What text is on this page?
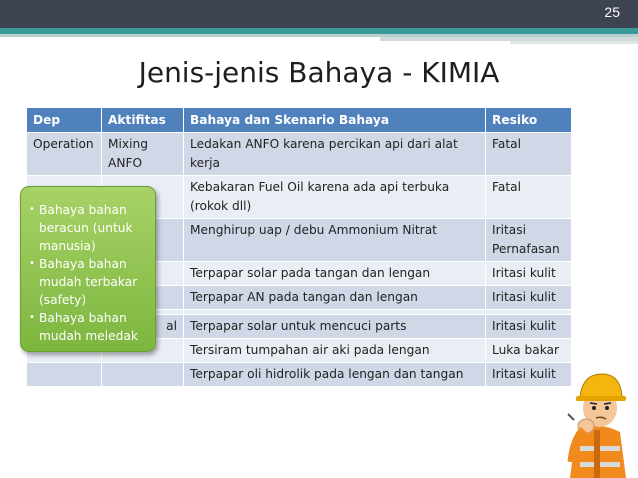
25
Jenis-jenis Bahaya - KIMIA
Dep	Aktifitas	Bahaya dan Skenario Bahaya	Resiko
Operation	Mixing ANFO	Ledakan ANFO karena percikan api dari alat kerja	Fatal
		Kebakaran Fuel Oil karena ada api terbuka (rokok dll)	Fatal
		Menghirup uap / debu Ammonium Nitrat	Iritasi Pernafasan
		Terpapar solar pada tangan dan lengan	Iritasi kulit
		Terpapar AN pada tangan dan lengan	Iritasi kulit

	al	Terpapar solar untuk mencuci parts	Iritasi kulit
		Tersiram tumpahan air aki pada lengan	Luka bakar
		Terpapar oli hidrolik pada lengan dan tangan	Iritasi kulit
• Bahaya bahan beracun (untuk manusia)
• Bahaya bahan mudah terbakar (safety)
• Bahaya bahan mudah meledak
